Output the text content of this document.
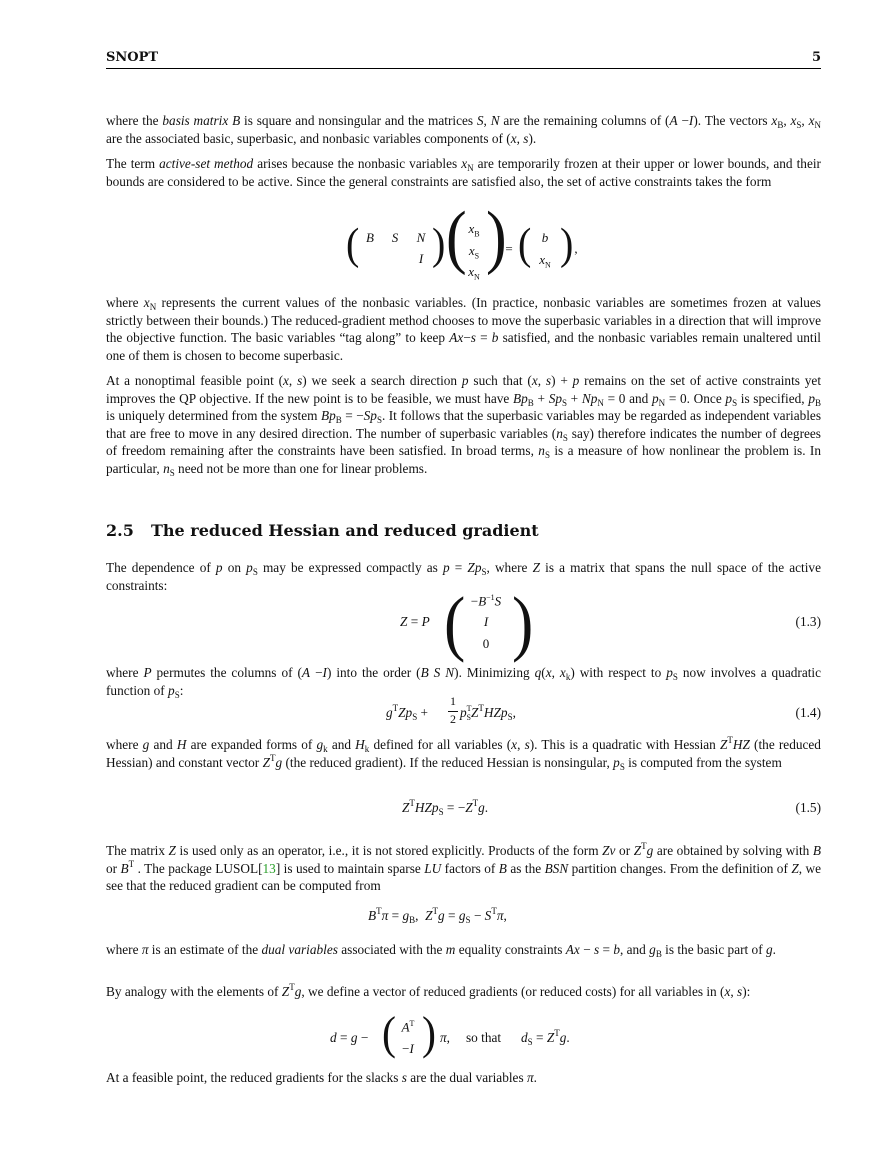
SNOPT	5
where the basis matrix B is square and nonsingular and the matrices S, N are the remaining columns of (A −I). The vectors $x_B$, $x_S$, $x_N$ are the associated basic, superbasic, and nonbasic variables components of (x, s).
The term active-set method arises because the nonbasic variables $x_N$ are temporarily frozen at their upper or lower bounds, and their bounds are considered to be active. Since the general constraints are satisfied also, the set of active constraints takes the form
( B	S	N
I ) ( $x_B$
$x_S$
$x_N$
)
= ( b
$x_N$ ) ,
where $x_N$ represents the current values of the nonbasic variables. (In practice, nonbasic variables are sometimes frozen at values strictly between their bounds.) The reduced-gradient method chooses to move the superbasic variables in a direction that will improve the objective function. The basic variables “tag along” to keep Ax−s = b satisfied, and the nonbasic variables remain unaltered until one of them is chosen to become superbasic.
At a nonoptimal feasible point (x, s) we seek a search direction p such that (x, s) + p remains on the set of active constraints yet improves the QP objective. If the new point is to be feasible, we must have $Bp_B + Sp_S + Np_N = 0$ and $p_N = 0$. Once $p_S$ is specified, $p_B$ is uniquely determined from the system $Bp_B = -Sp_S$. It follows that the superbasic variables may be regarded as independent variables that are free to move in any desired direction. The number of superbasic variables ($n_S$ say) therefore indicates the number of degrees of freedom remaining after the constraints have been satisfied. In broad terms, $n_S$ is a measure of how nonlinear the problem is. In particular, $n_S$ need not be more than one for linear problems.
2.5 The reduced Hessian and reduced gradient
The dependence of p on $p_S$ may be expressed compactly as $p = Zp_S$, where Z is a matrix that spans the null space of the active constraints:
Z = P ( $-B^{-1}S$
I
0 )	(1.3)
where P permutes the columns of (A −I) into the order (B S N). Minimizing q(x, $x_k$) with respect to $p_S$ now involves a quadratic function of $p_S$:
$g^TZp_S$ +
1
2 $p^T_SZ^THZp_S$,	(1.4)
where g and H are expanded forms of $g_k$ and $H_k$ defined for all variables (x, s). This is a quadratic with Hessian $Z^THZ$ (the reduced Hessian) and constant vector $Z^Tg$ (the reduced gradient). If the reduced Hessian is nonsingular, $p_S$ is computed from the system
$Z^THZp_S = -Z^Tg$.	(1.5)
The matrix Z is used only as an operator, i.e., it is not stored explicitly. Products of the form Zv or $Z^Tg$ are obtained by solving with B or $B^T$ . The package LUSOL[13] is used to maintain sparse LU factors of B as the BSN partition changes. From the definition of Z, we see that the reduced gradient can be computed from
$B^T\pi = g_B$,  $Z^Tg = g_S - S^T\pi$,
where π is an estimate of the dual variables associated with the m equality constraints Ax − s = b, and $g_B$ is the basic part of g.
By analogy with the elements of $Z^Tg$, we define a vector of reduced gradients (or reduced costs) for all variables in (x, s):
d = g − ( $A^T$
−I ) π, so that $d_S = Z^Tg$.
At a feasible point, the reduced gradients for the slacks s are the dual variables π.
